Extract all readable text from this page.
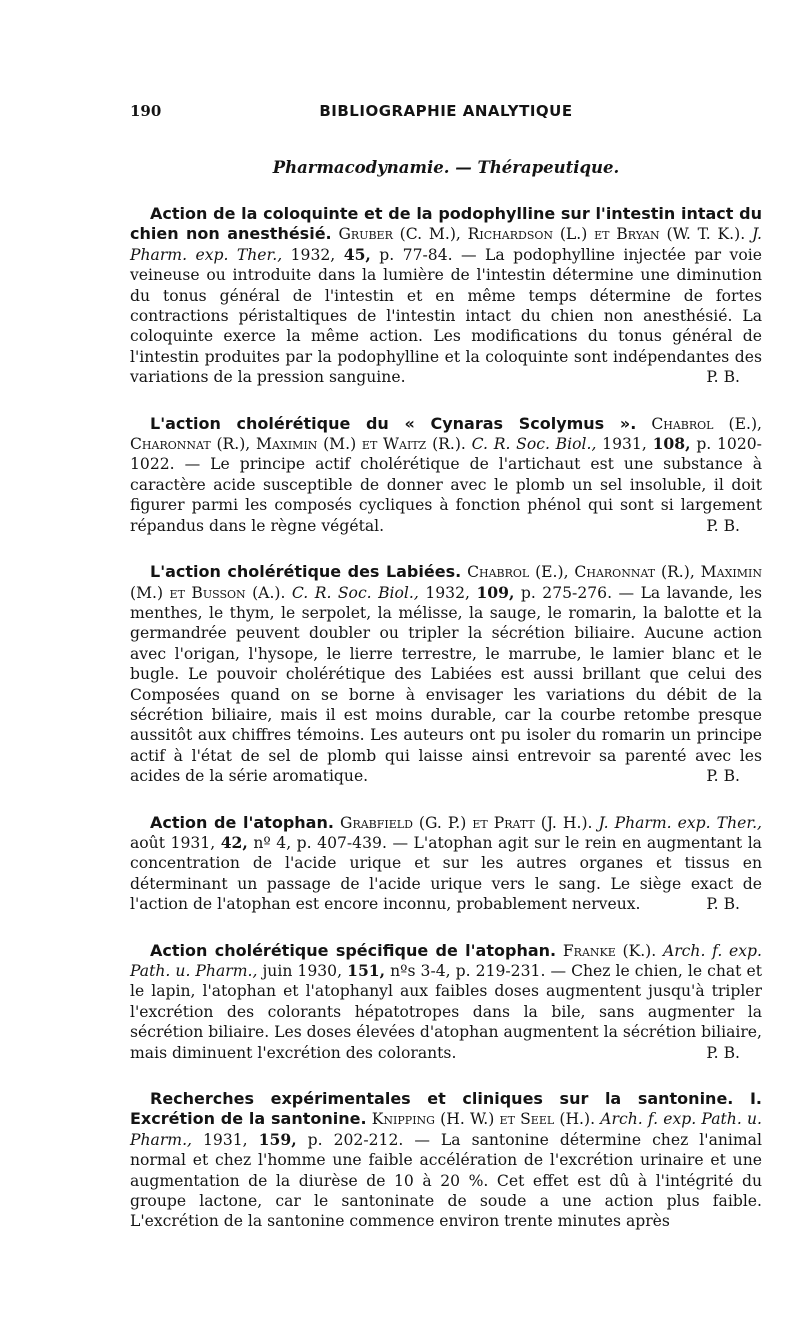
190	BIBLIOGRAPHIE ANALYTIQUE
Pharmacodynamie. — Thérapeutique.

Action de la coloquinte et de la podophylline sur l'intestin intact du chien non anesthésié. Gruber (C. M.), Richardson (L.) et Bryan (W. T. K.). J. Pharm. exp. Ther., 1932, 45, p. 77-84. — La podophylline injectée par voie veineuse ou introduite dans la lumière de l'intestin détermine une diminution du tonus général de l'intestin et en même temps détermine de fortes contractions péristaltiques de l'intestin intact du chien non anesthésié. La coloquinte exerce la même action. Les modifications du tonus général de l'intestin produites par la podophylline et la coloquinte sont indépendantes des variations de la pression sanguine.	P. B.

L'action cholérétique du « Cynaras Scolymus ». Chabrol (E.), Charonnat (R.), Maximin (M.) et Waitz (R.). C. R. Soc. Biol., 1931, 108, p. 1020-1022. — Le principe actif cholérétique de l'artichaut est une substance à caractère acide susceptible de donner avec le plomb un sel insoluble, il doit figurer parmi les composés cycliques à fonction phénol qui sont si largement répandus dans le règne végétal.	P. B.

L'action cholérétique des Labiées. Chabrol (E.), Charonnat (R.), Maximin (M.) et Busson (A.). C. R. Soc. Biol., 1932, 109, p. 275-276. — La lavande, les menthes, le thym, le serpolet, la mélisse, la sauge, le romarin, la balotte et la germandrée peuvent doubler ou tripler la sécrétion biliaire. Aucune action avec l'origan, l'hysope, le lierre terrestre, le marrube, le lamier blanc et le bugle. Le pouvoir cholérétique des Labiées est aussi brillant que celui des Composées quand on se borne à envisager les variations du débit de la sécrétion biliaire, mais il est moins durable, car la courbe retombe presque aussitôt aux chiffres témoins. Les auteurs ont pu isoler du romarin un principe actif à l'état de sel de plomb qui laisse ainsi entrevoir sa parenté avec les acides de la série aromatique.	P. B.

Action de l'atophan. Grabfield (G. P.) et Pratt (J. H.). J. Pharm. exp. Ther., août 1931, 42, nº 4, p. 407-439. — L'atophan agit sur le rein en augmentant la concentration de l'acide urique et sur les autres organes et tissus en déterminant un passage de l'acide urique vers le sang. Le siège exact de l'action de l'atophan est encore inconnu, probablement nerveux.	P. B.

Action cholérétique spécifique de l'atophan. Franke (K.). Arch. f. exp. Path. u. Pharm., juin 1930, 151, nºs 3-4, p. 219-231. — Chez le chien, le chat et le lapin, l'atophan et l'atophanyl aux faibles doses augmentent jusqu'à tripler l'excrétion des colorants hépatotropes dans la bile, sans augmenter la sécrétion biliaire. Les doses élevées d'atophan augmentent la sécrétion biliaire, mais diminuent l'excrétion des colorants.	P. B.

Recherches expérimentales et cliniques sur la santonine. I. Excrétion de la santonine. Knipping (H. W.) et Seel (H.). Arch. f. exp. Path. u. Pharm., 1931, 159, p. 202-212. — La santonine détermine chez l'animal normal et chez l'homme une faible accélération de l'excrétion urinaire et une augmentation de la diurèse de 10 à 20 %. Cet effet est dû à l'intégrité du groupe lactone, car le santoninate de soude a une action plus faible. L'excrétion de la santonine commence environ trente minutes après
